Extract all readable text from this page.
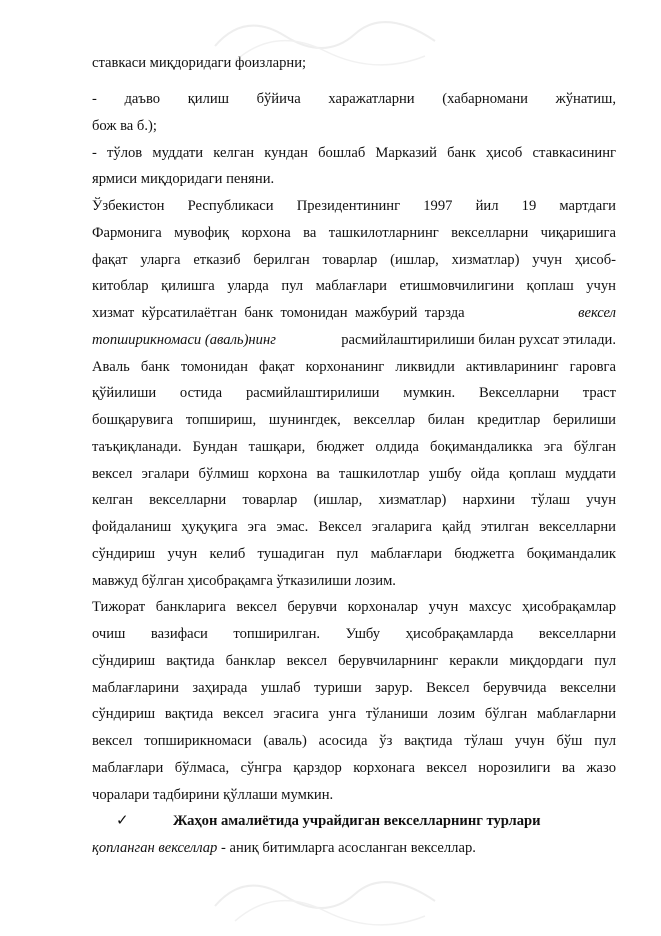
ставкаси миқдоридаги фоизларни;
- даъво қилиш бўйича харажатларни (хабарномани жўнатиш,
бож ва б.);
- тўлов муддати келган кундан бошлаб Марказий банк ҳисоб ставкасининг
ярмиси миқдоридаги пеняни.
Ўзбекистон Республикаси Президентининг 1997 йил 19 мартдаги
Фармонига мувофиқ корхона ва ташкилотларнинг векселларни чиқаришига
фақат уларга етказиб берилган товарлар (ишлар, хизматлар) учун ҳисоб-
китоблар қилишга уларда пул маблағлари етишмовчилигини қоплаш учун
хизмат  кўрсатилаётган  банк  томонидан  мажбурий  тарзда	вексел
топширикномаси (аваль)нинг	расмийлаштирилиши билан рухсат этилади.
Аваль банк томонидан фақат корхонанинг ликвидли активларининг гаровга
қўйилиши остида расмийлаштирилиши мумкин. Векселларни траст
бошқарувига топшириш, шунингдек, векселлар билан кредитлар берилиши
таъқиқланади. Бундан ташқари, бюджет олдида боқимандаликка эга бўлган
вексел эгалари бўлмиш корхона ва ташкилотлар ушбу ойда қоплаш муддати
келган векселларни товарлар (ишлар, хизматлар) нархини тўлаш учун
фойдаланиш ҳуқуқига эга эмас. Вексел эгаларига қайд этилган векселларни
сўндириш учун келиб тушадиган пул маблағлари бюджетга боқимандалик
мавжуд бўлган ҳисобрақамга ўтказилиши лозим.
Тижорат банкларига вексел берувчи корхоналар учун махсус ҳисобрақамлар
очиш вазифаси топширилган. Ушбу ҳисобрақамларда векселларни
сўндириш вақтида банклар вексел берувчиларнинг керакли миқдордаги пул
маблағларини заҳирада ушлаб туриши зарур. Вексел берувчида векселни
сўндириш вақтида вексел эгасига унга тўланиши лозим бўлган маблағларни
вексел топширикномаси (аваль) асосида ўз вақтида тўлаш учун бўш пул
маблағлари бўлмаса, сўнгра қарздор корхонага вексел норозилиги ва жазо
чоралари тадбирини қўллаши мумкин.
✓	Жаҳон амалиётида учрайдиган векселларнинг турлари
қопланган векселлар - аниқ битимларга асосланган векселлар.
